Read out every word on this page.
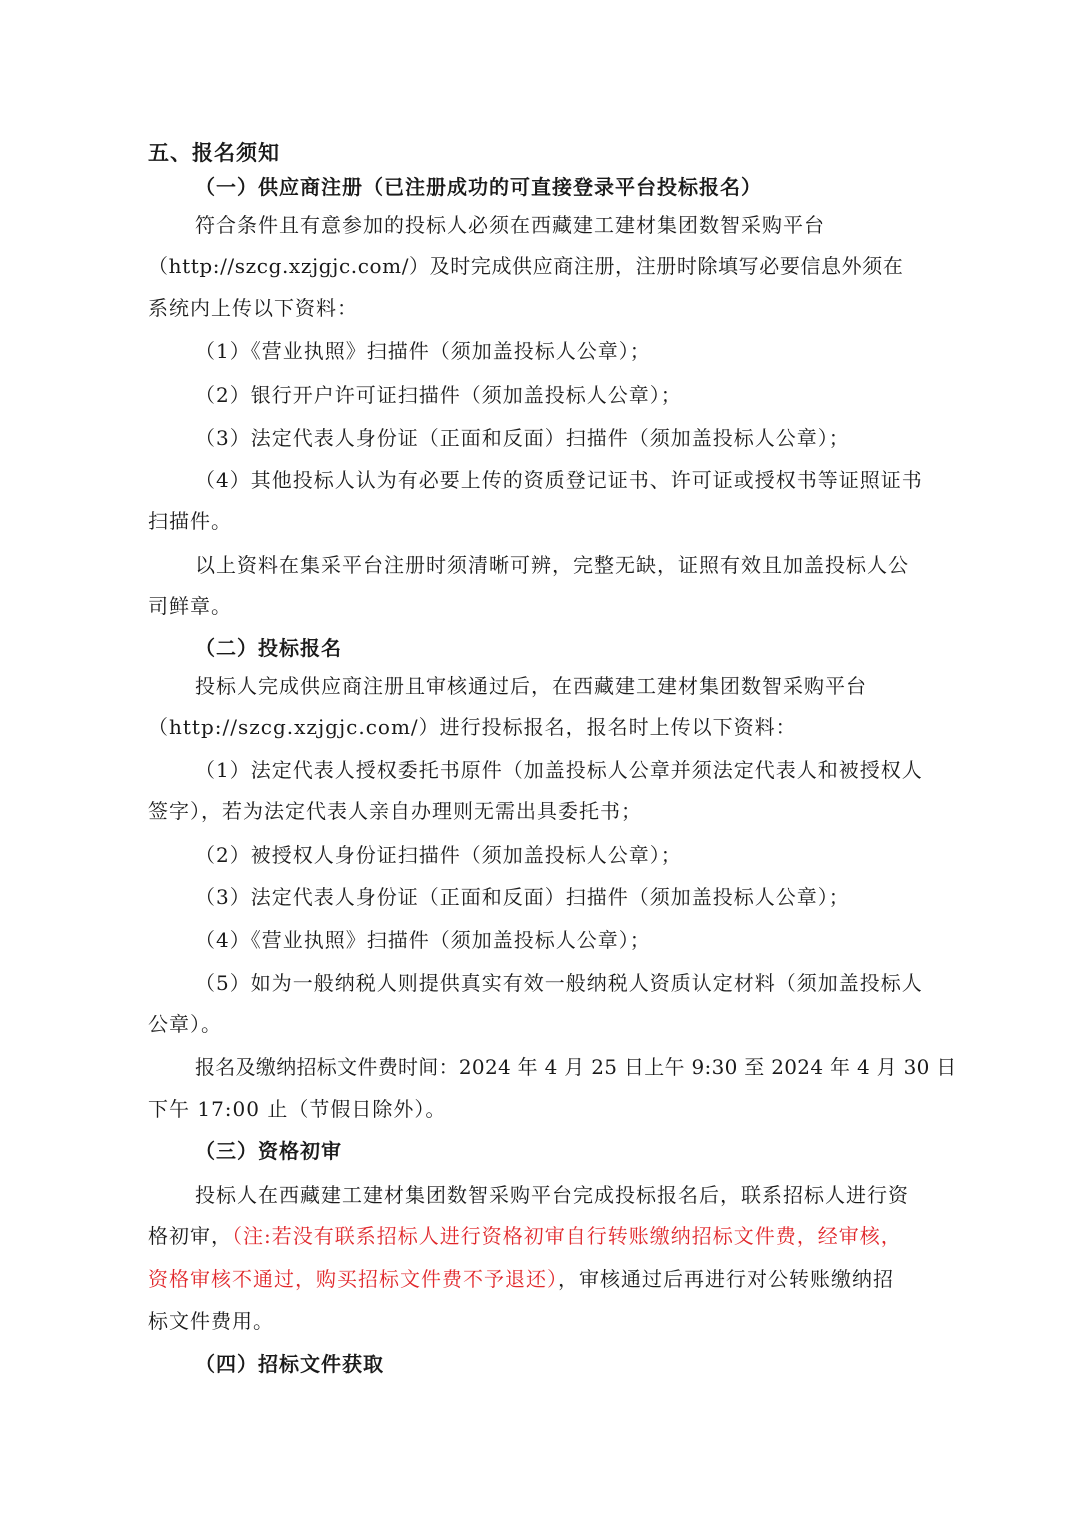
五、报名须知
（一）供应商注册（已注册成功的可直接登录平台投标报名）
符合条件且有意参加的投标人必须在西藏建工建材集团数智采购平台
（http://szcg.xzjgjc.com/）及时完成供应商注册，注册时除填写必要信息外须在
系统内上传以下资料：
（1）《营业执照》扫描件（须加盖投标人公章）；
（2）银行开户许可证扫描件（须加盖投标人公章）；
（3）法定代表人身份证（正面和反面）扫描件（须加盖投标人公章）；
（4）其他投标人认为有必要上传的资质登记证书、许可证或授权书等证照证书
扫描件。
以上资料在集采平台注册时须清晰可辨，完整无缺，证照有效且加盖投标人公
司鲜章。
（二）投标报名
投标人完成供应商注册且审核通过后，在西藏建工建材集团数智采购平台
（http://szcg.xzjgjc.com/）进行投标报名，报名时上传以下资料：
（1）法定代表人授权委托书原件（加盖投标人公章并须法定代表人和被授权人
签字），若为法定代表人亲自办理则无需出具委托书；
（2）被授权人身份证扫描件（须加盖投标人公章）；
（3）法定代表人身份证（正面和反面）扫描件（须加盖投标人公章）；
（4）《营业执照》扫描件（须加盖投标人公章）；
（5）如为一般纳税人则提供真实有效一般纳税人资质认定材料（须加盖投标人
公章）。
报名及缴纳招标文件费时间：2024 年 4 月 25 日上午 9:30 至 2024 年 4 月 30 日
下午 17:00 止（节假日除外）。
（三）资格初审
投标人在西藏建工建材集团数智采购平台完成投标报名后，联系招标人进行资
格初审，（注:若没有联系招标人进行资格初审自行转账缴纳招标文件费，经审核，
资格审核不通过，购买招标文件费不予退还），审核通过后再进行对公转账缴纳招
标文件费用。
（四）招标文件获取
